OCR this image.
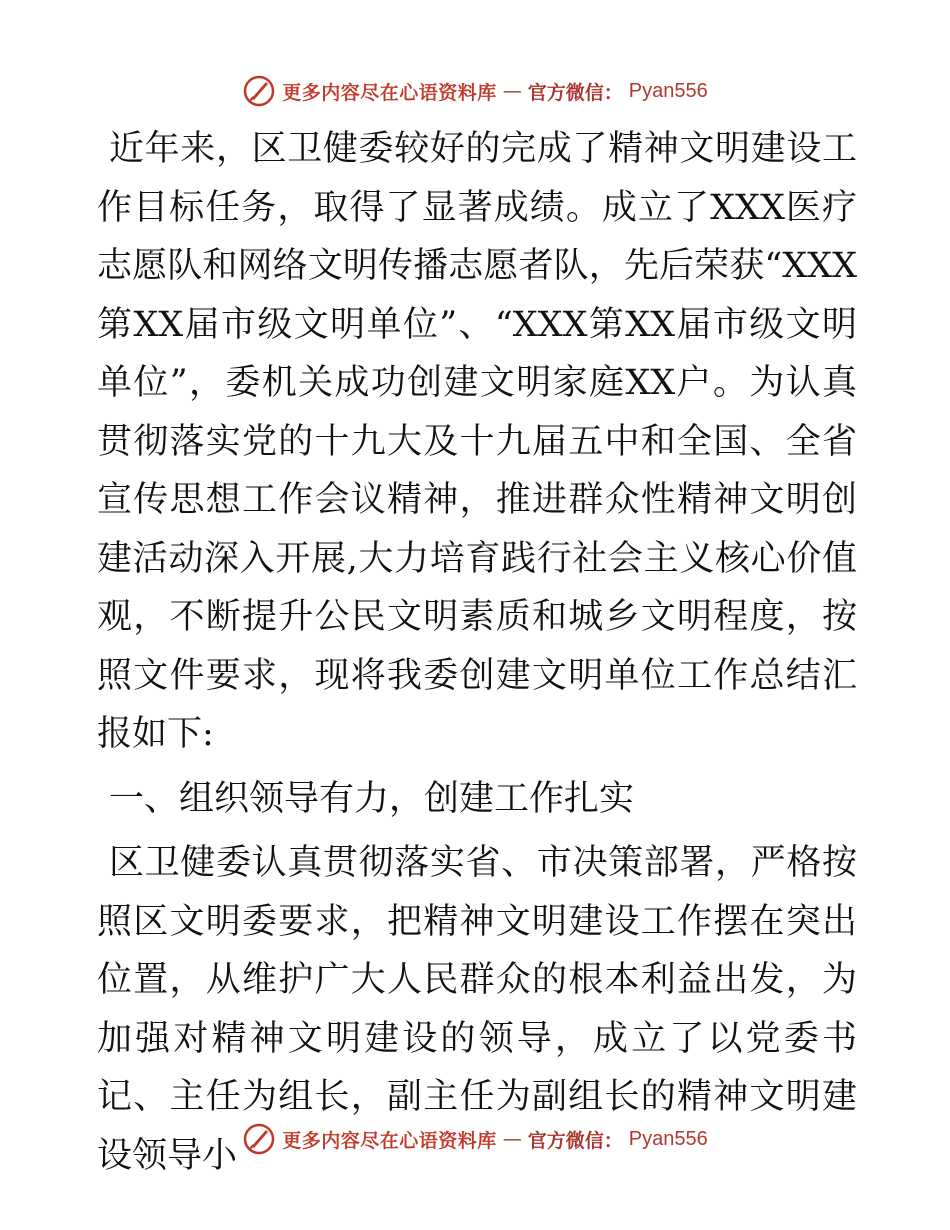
更多内容尽在心语资料库 — 官方微信： Pyan556

近年来，区卫健委较好的完成了精神文明建设工作目标任务，取得了显著成绩。成立了XXX医疗志愿队和网络文明传播志愿者队，先后荣获“XXX第XX届市级文明单位”、“XXX第XX届市级文明单位”，委机关成功创建文明家庭XX户。为认真贯彻落实党的十九大及十九届五中和全国、全省宣传思想工作会议精神，推进群众性精神文明创建活动深入开展,大力培育践行社会主义核心价值观，不断提升公民文明素质和城乡文明程度，按照文件要求，现将我委创建文明单位工作总结汇报如下:

一、组织领导有力，创建工作扎实

区卫健委认真贯彻落实省、市决策部署，严格按照区文明委要求，把精神文明建设工作摆在突出位置，从维护广大人民群众的根本利益出发，为加强对精神文明建设的领导，成立了以党委书记、主任为组长，副主任为副组长的精神文明建设领导小	更多内容尽在心语资料库 — 官方微信： Pyan556
